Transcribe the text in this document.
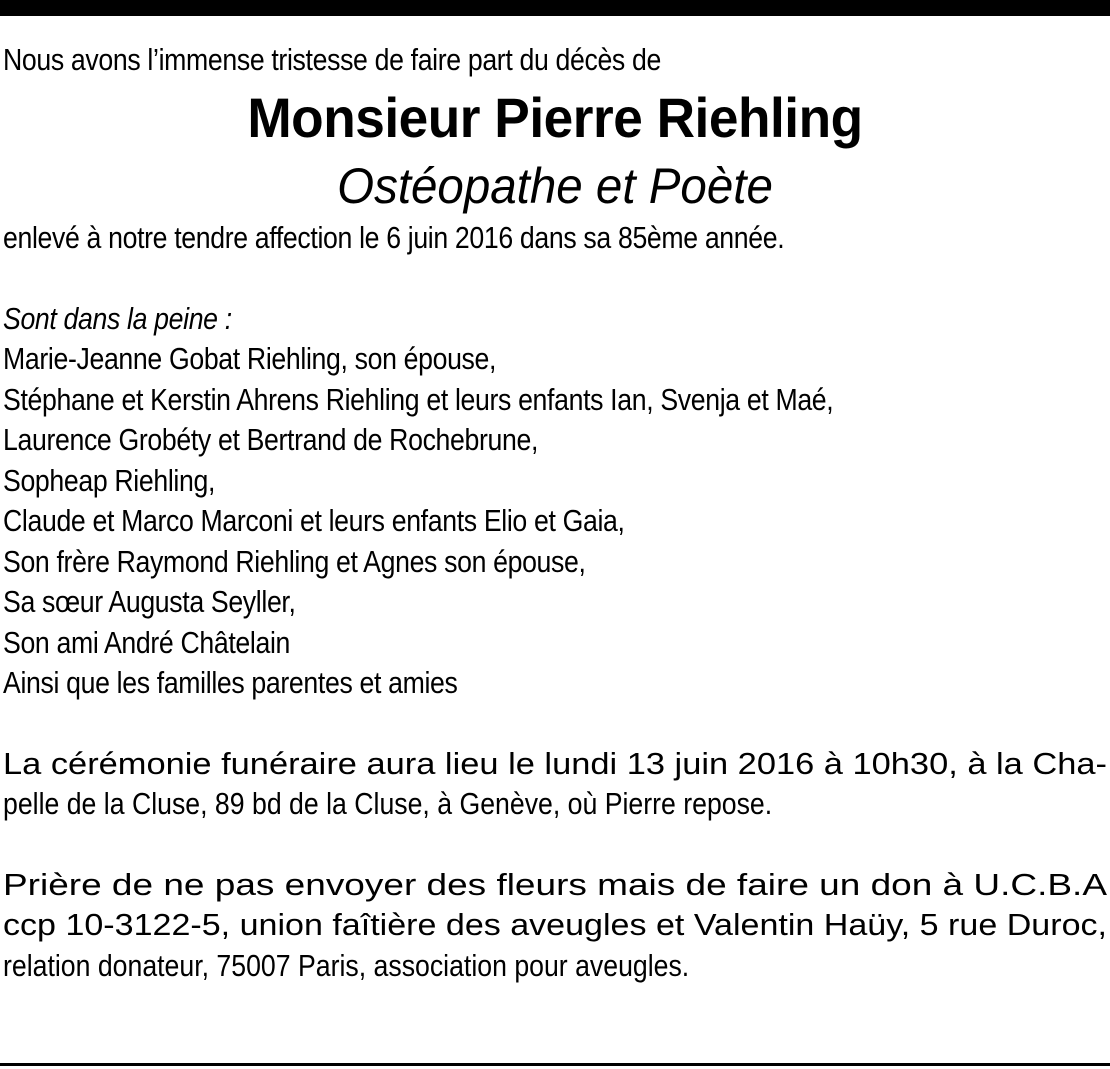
Nous avons l’immense tristesse de faire part du décès de
Monsieur Pierre Riehling
Ostéopathe et Poète
enlevé à notre tendre affection le 6 juin 2016 dans sa 85ème année.
Sont dans la peine :
Marie-Jeanne Gobat Riehling, son épouse,
Stéphane et Kerstin Ahrens Riehling et leurs enfants Ian, Svenja et Maé,
Laurence Grobéty et Bertrand de Rochebrune,
Sopheap Riehling,
Claude et Marco Marconi et leurs enfants Elio et Gaia,
Son frère Raymond Riehling et Agnes son épouse,
Sa sœur Augusta Seyller,
Son ami André Châtelain
Ainsi que les familles parentes et amies
La cérémonie funéraire aura lieu le lundi 13 juin 2016 à 10h30, à la Cha-
pelle de la Cluse, 89 bd de la Cluse, à Genève, où Pierre repose.
Prière de ne pas envoyer des fleurs mais de faire un don à U.C.B.A
ccp 10-3122-5, union faîtière des aveugles et Valentin Haüy, 5 rue Duroc,
relation donateur, 75007 Paris, association pour aveugles.
